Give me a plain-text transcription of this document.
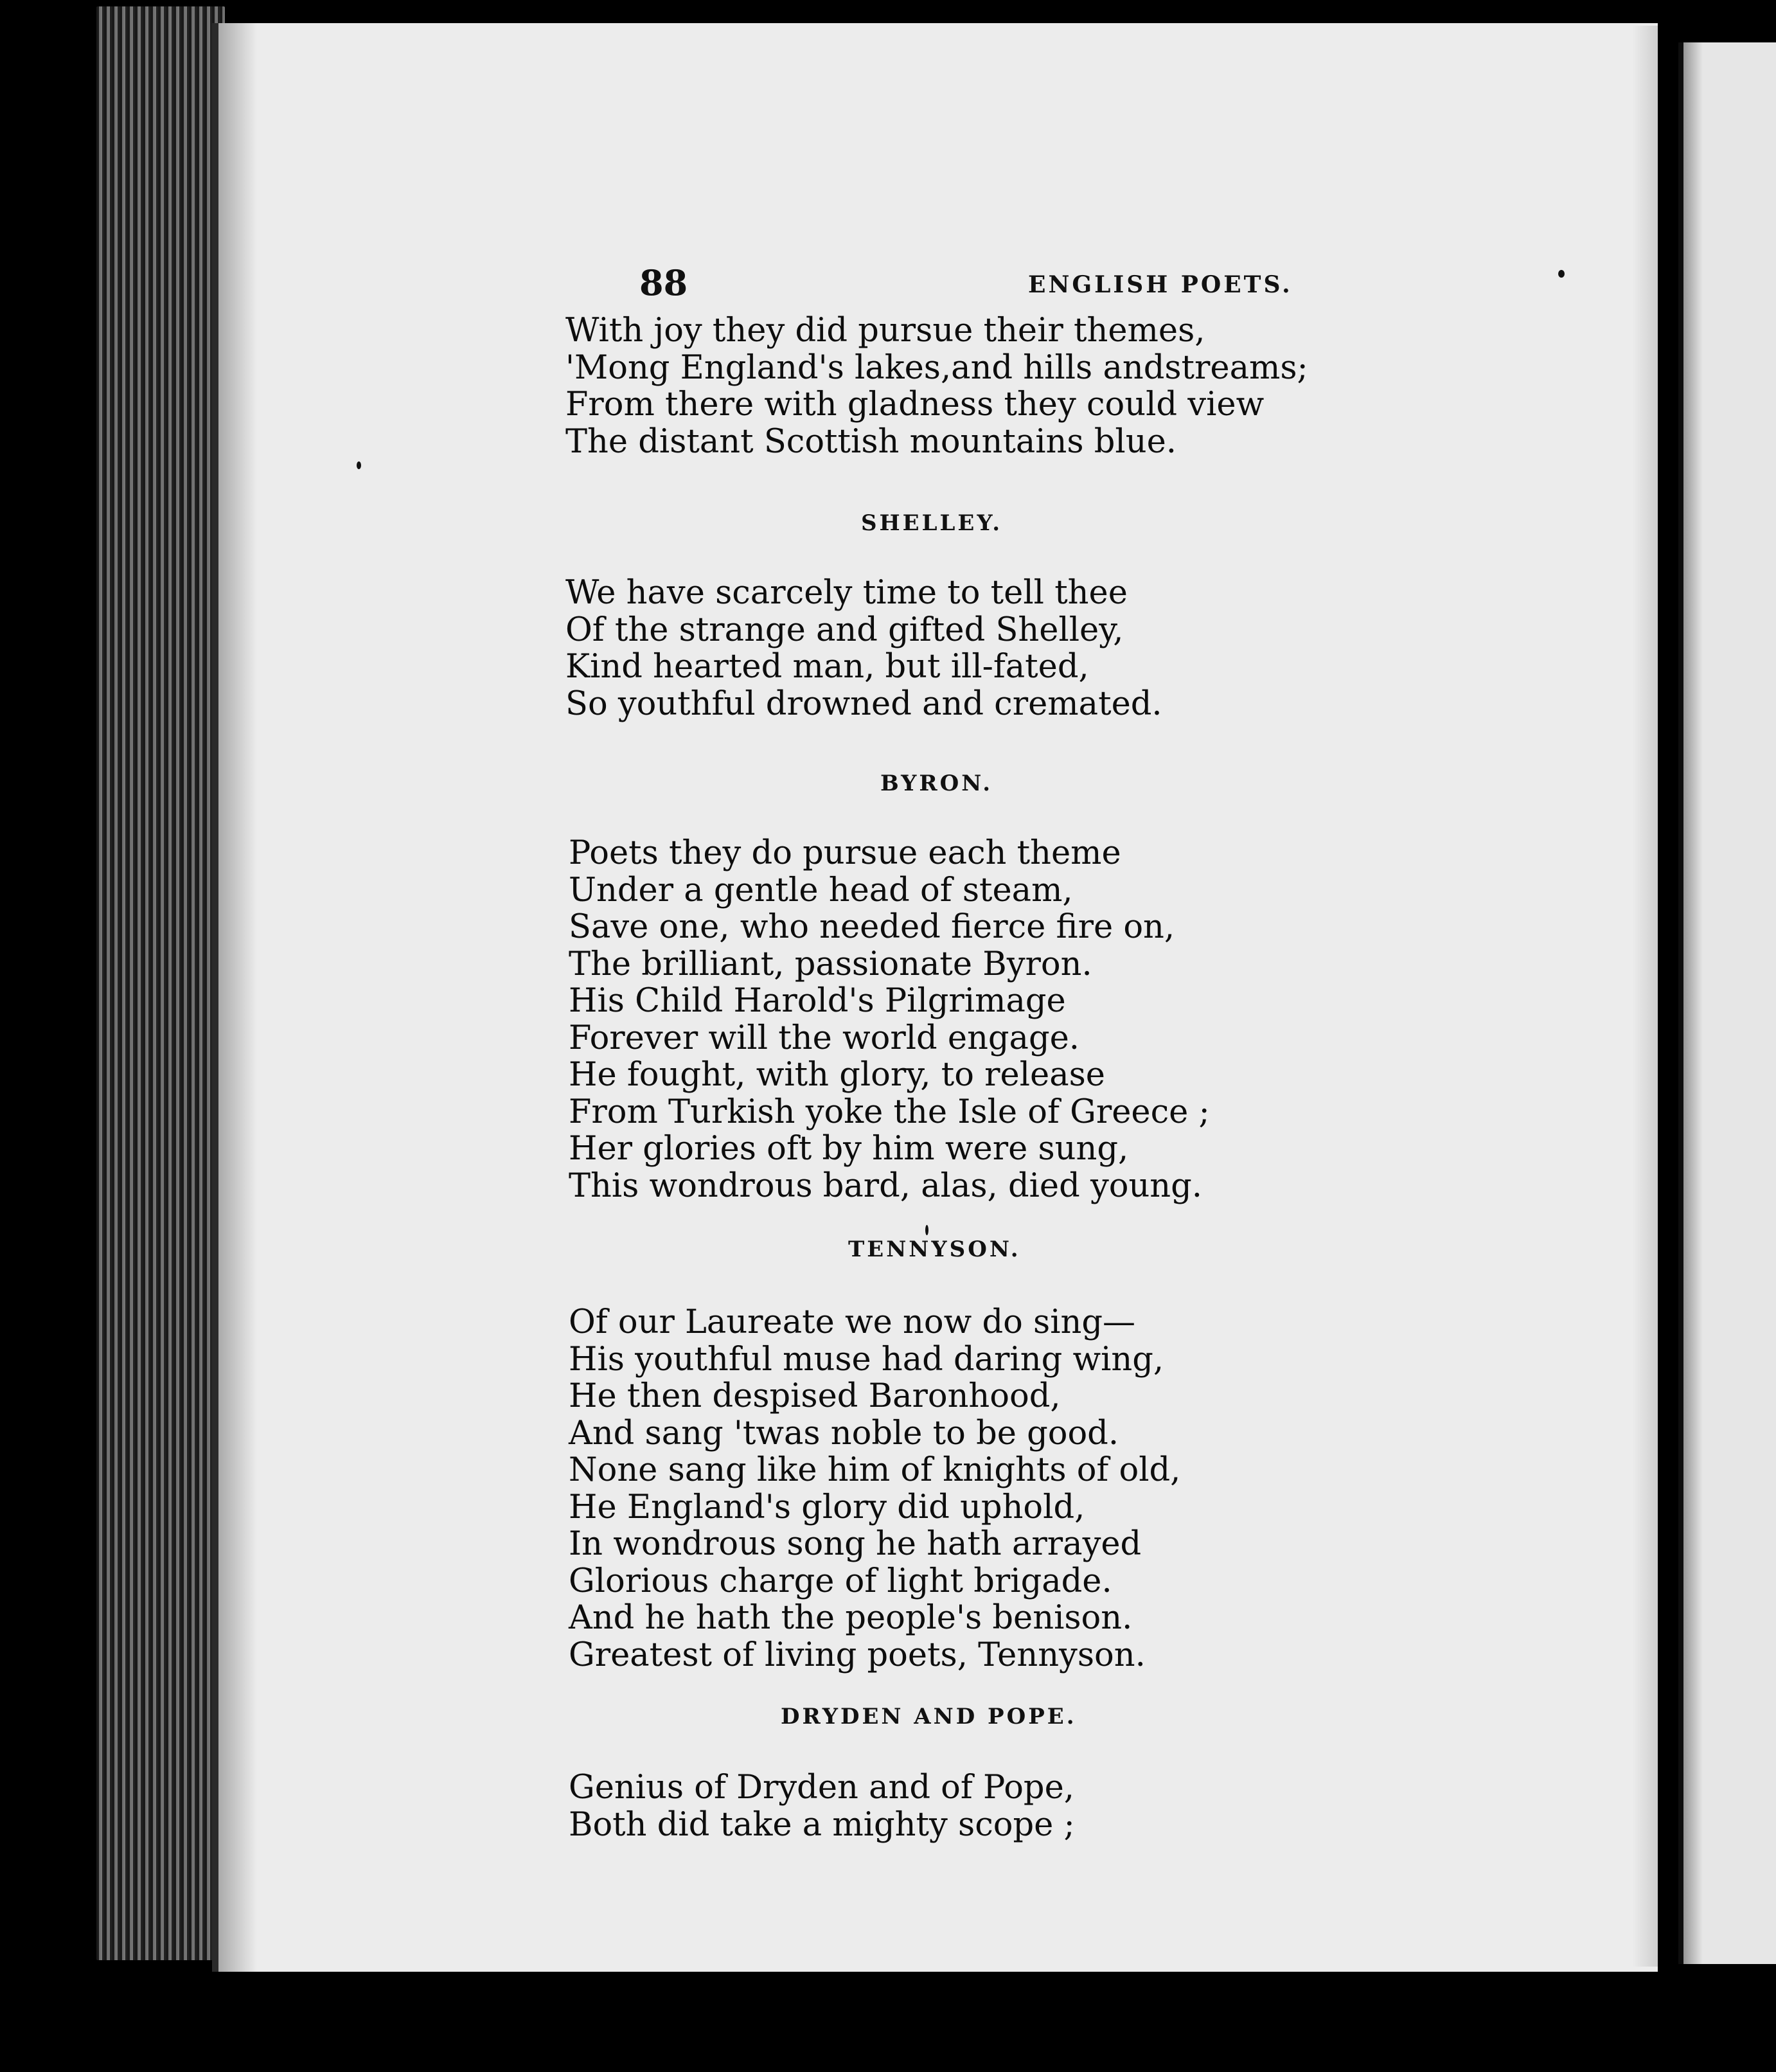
88	ENGLISH POETS.
With joy they did pursue their themes,
'Mong England's lakes,and hills andstreams;
From there with gladness they could view
The distant Scottish mountains blue.
SHELLEY.
We have scarcely time to tell thee
Of the strange and gifted Shelley,
Kind hearted man, but ill-fated,
So youthful drowned and cremated.
BYRON.
Poets they do pursue each theme
Under a gentle head of steam,
Save one, who needed fierce fire on,
The brilliant, passionate Byron.
His Child Harold's Pilgrimage
Forever will the world engage.
He fought, with glory, to release
From Turkish yoke the Isle of Greece ;
Her glories oft by him were sung,
This wondrous bard, alas, died young.
TENNYSON.
Of our Laureate we now do sing—
His youthful muse had daring wing,
He then despised Baronhood,
And sang 'twas noble to be good.
None sang like him of knights of old,
He England's glory did uphold,
In wondrous song he hath arrayed
Glorious charge of light brigade.
And he hath the people's benison.
Greatest of living poets, Tennyson.
DRYDEN AND POPE.
Genius of Dryden and of Pope,
Both did take a mighty scope ;
